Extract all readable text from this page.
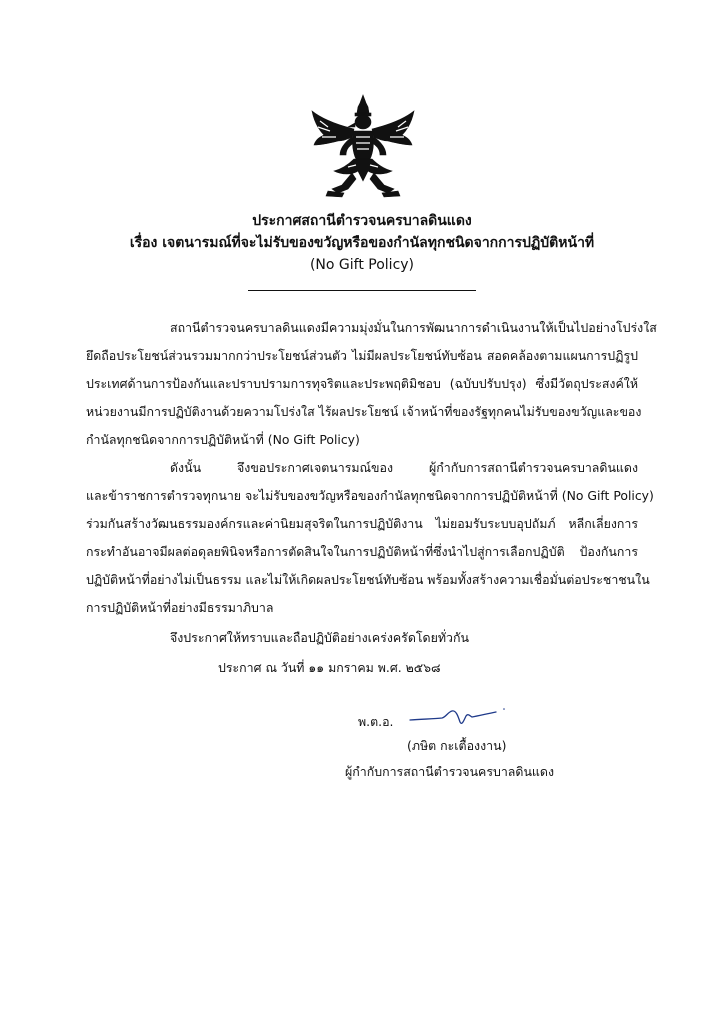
ประกาศสถานีตำรวจนครบาลดินแดง
เรื่อง เจตนารมณ์ที่จะไม่รับของขวัญหรือของกำนัลทุกชนิดจากการปฏิบัติหน้าที่
(No Gift Policy)
สถานีตำรวจนครบาลดินแดงมีความมุ่งมั่นในการพัฒนาการดำเนินงานให้เป็นไปอย่างโปร่งใส
ยึดถือประโยชน์ส่วนรวมมากกว่าประโยชน์ส่วนตัว ไม่มีผลประโยชน์ทับซ้อน สอดคล้องตามแผนการปฏิรูป
ประเทศด้านการป้องกันและปราบปรามการทุจริตและประพฤติมิชอบ (ฉบับปรับปรุง) ซึ่งมีวัตถุประสงค์ให้
หน่วยงานมีการปฏิบัติงานด้วยความโปร่งใส ไร้ผลประโยชน์ เจ้าหน้าที่ของรัฐทุกคนไม่รับของขวัญและของ
กำนัลทุกชนิดจากการปฏิบัติหน้าที่ (No Gift Policy)
ดังนั้น จึงขอประกาศเจตนารมณ์ของ ผู้กำกับการสถานีตำรวจนครบาลดินแดง
และข้าราชการตำรวจทุกนาย จะไม่รับของขวัญหรือของกำนัลทุกชนิดจากการปฏิบัติหน้าที่ (No Gift Policy)
ร่วมกันสร้างวัฒนธรรมองค์กรและค่านิยมสุจริตในการปฏิบัติงาน ไม่ยอมรับระบบอุปถัมภ์ หลีกเลี่ยงการ
กระทำอันอาจมีผลต่อดุลยพินิจหรือการตัดสินใจในการปฏิบัติหน้าที่ซึ่งนำไปสู่การเลือกปฏิบัติ ป้องกันการ
ปฏิบัติหน้าที่อย่างไม่เป็นธรรม และไม่ให้เกิดผลประโยชน์ทับซ้อน พร้อมทั้งสร้างความเชื่อมั่นต่อประชาชนใน
การปฏิบัติหน้าที่อย่างมีธรรมาภิบาล
จึงประกาศให้ทราบและถือปฏิบัติอย่างเคร่งครัดโดยทั่วกัน
ประกาศ ณ วันที่ ๑๑ มกราคม พ.ศ. ๒๕๖๘
พ.ต.อ.
(ภษิต กะเตื้องงาน)
ผู้กำกับการสถานีตำรวจนครบาลดินแดง
